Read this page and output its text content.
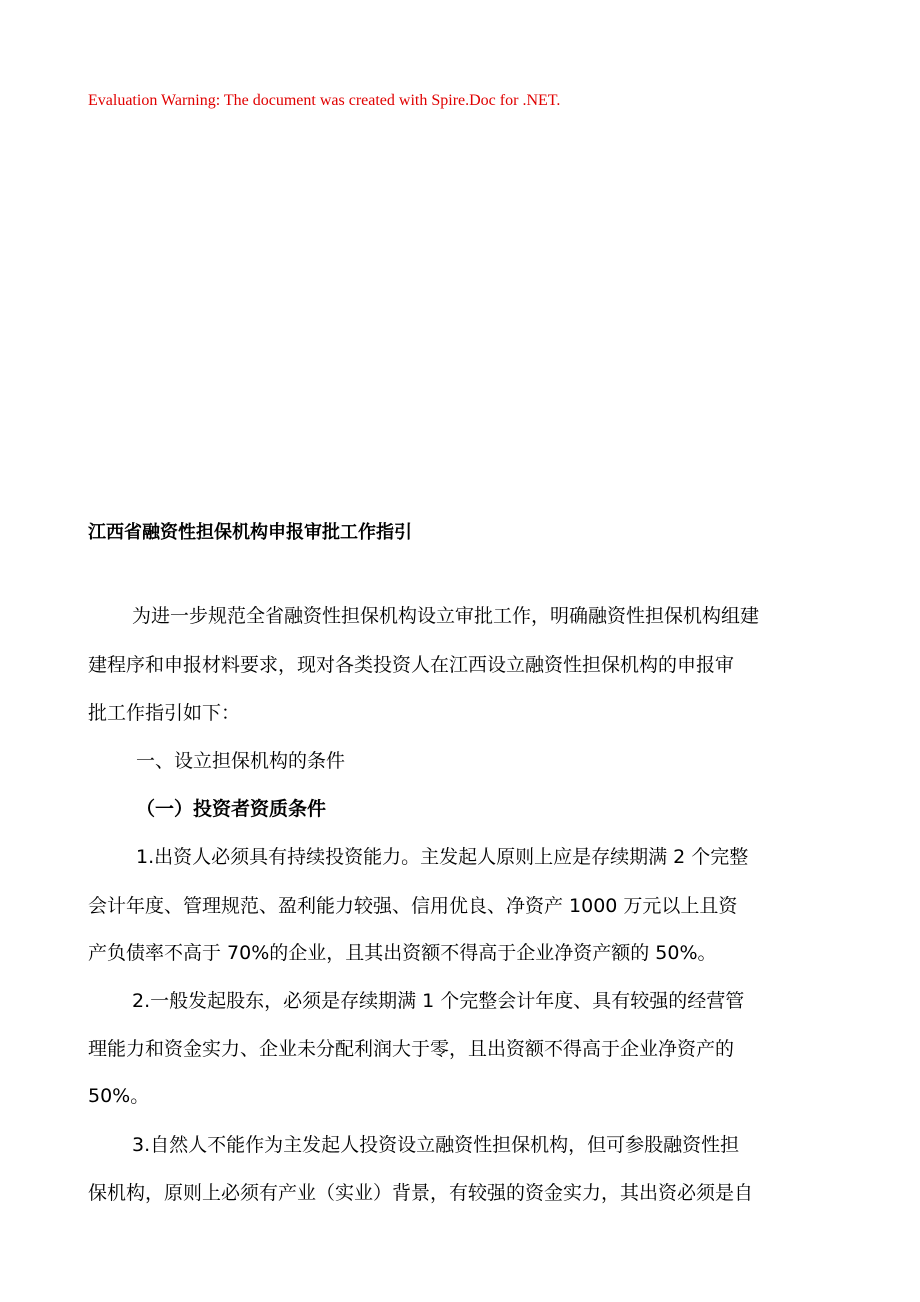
Evaluation Warning: The document was created with Spire.Doc for .NET.
江西省融资性担保机构申报审批工作指引
为进一步规范全省融资性担保机构设立审批工作，明确融资性担保机构组建
建程序和申报材料要求，现对各类投资人在江西设立融资性担保机构的申报审
批工作指引如下：
一、设立担保机构的条件
（一）投资者资质条件
1.出资人必须具有持续投资能力。主发起人原则上应是存续期满 2 个完整
会计年度、管理规范、盈利能力较强、信用优良、净资产 1000 万元以上且资
产负债率不高于 70%的企业，且其出资额不得高于企业净资产额的 50%。
2.一般发起股东，必须是存续期满 1 个完整会计年度、具有较强的经营管
理能力和资金实力、企业未分配利润大于零，且出资额不得高于企业净资产的
50%。
3.自然人不能作为主发起人投资设立融资性担保机构，但可参股融资性担
保机构，原则上必须有产业（实业）背景，有较强的资金实力，其出资必须是自
